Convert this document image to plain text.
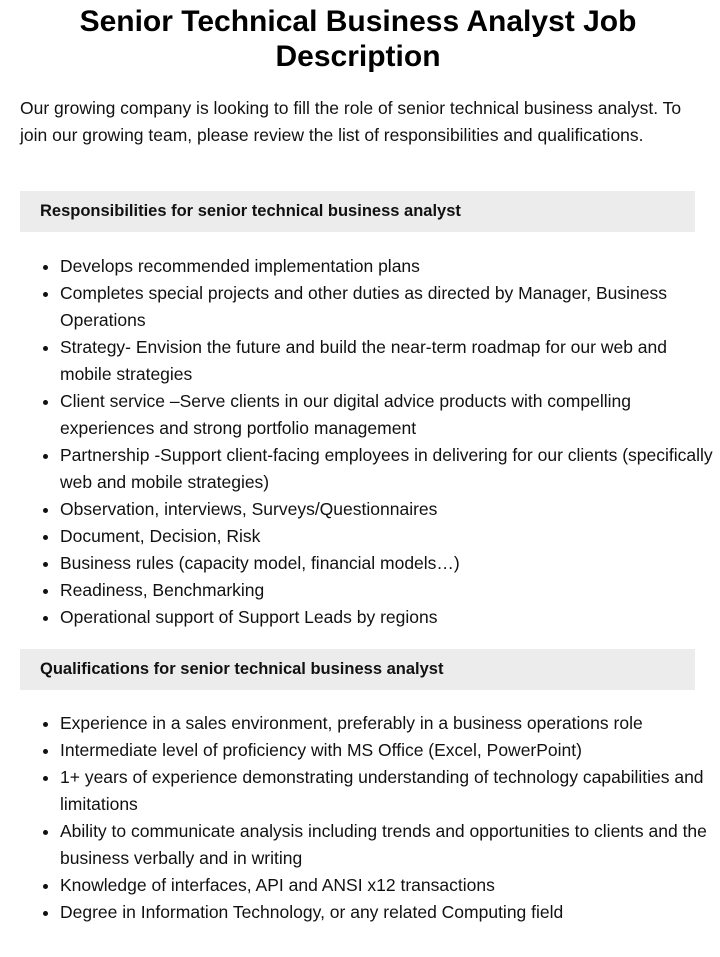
Senior Technical Business Analyst Job Description

Our growing company is looking to fill the role of senior technical business analyst. To join our growing team, please review the list of responsibilities and qualifications.

Responsibilities for senior technical business analyst
• Develops recommended implementation plans
• Completes special projects and other duties as directed by Manager, Business Operations
• Strategy- Envision the future and build the near-term roadmap for our web and mobile strategies
• Client service –Serve clients in our digital advice products with compelling experiences and strong portfolio management
• Partnership -Support client-facing employees in delivering for our clients (specifically web and mobile strategies)
• Observation, interviews, Surveys/Questionnaires
• Document, Decision, Risk
• Business rules (capacity model, financial models…)
• Readiness, Benchmarking
• Operational support of Support Leads by regions
Qualifications for senior technical business analyst
• Experience in a sales environment, preferably in a business operations role
• Intermediate level of proficiency with MS Office (Excel, PowerPoint)
• 1+ years of experience demonstrating understanding of technology capabilities and limitations
• Ability to communicate analysis including trends and opportunities to clients and the business verbally and in writing
• Knowledge of interfaces, API and ANSI x12 transactions
• Degree in Information Technology, or any related Computing field
